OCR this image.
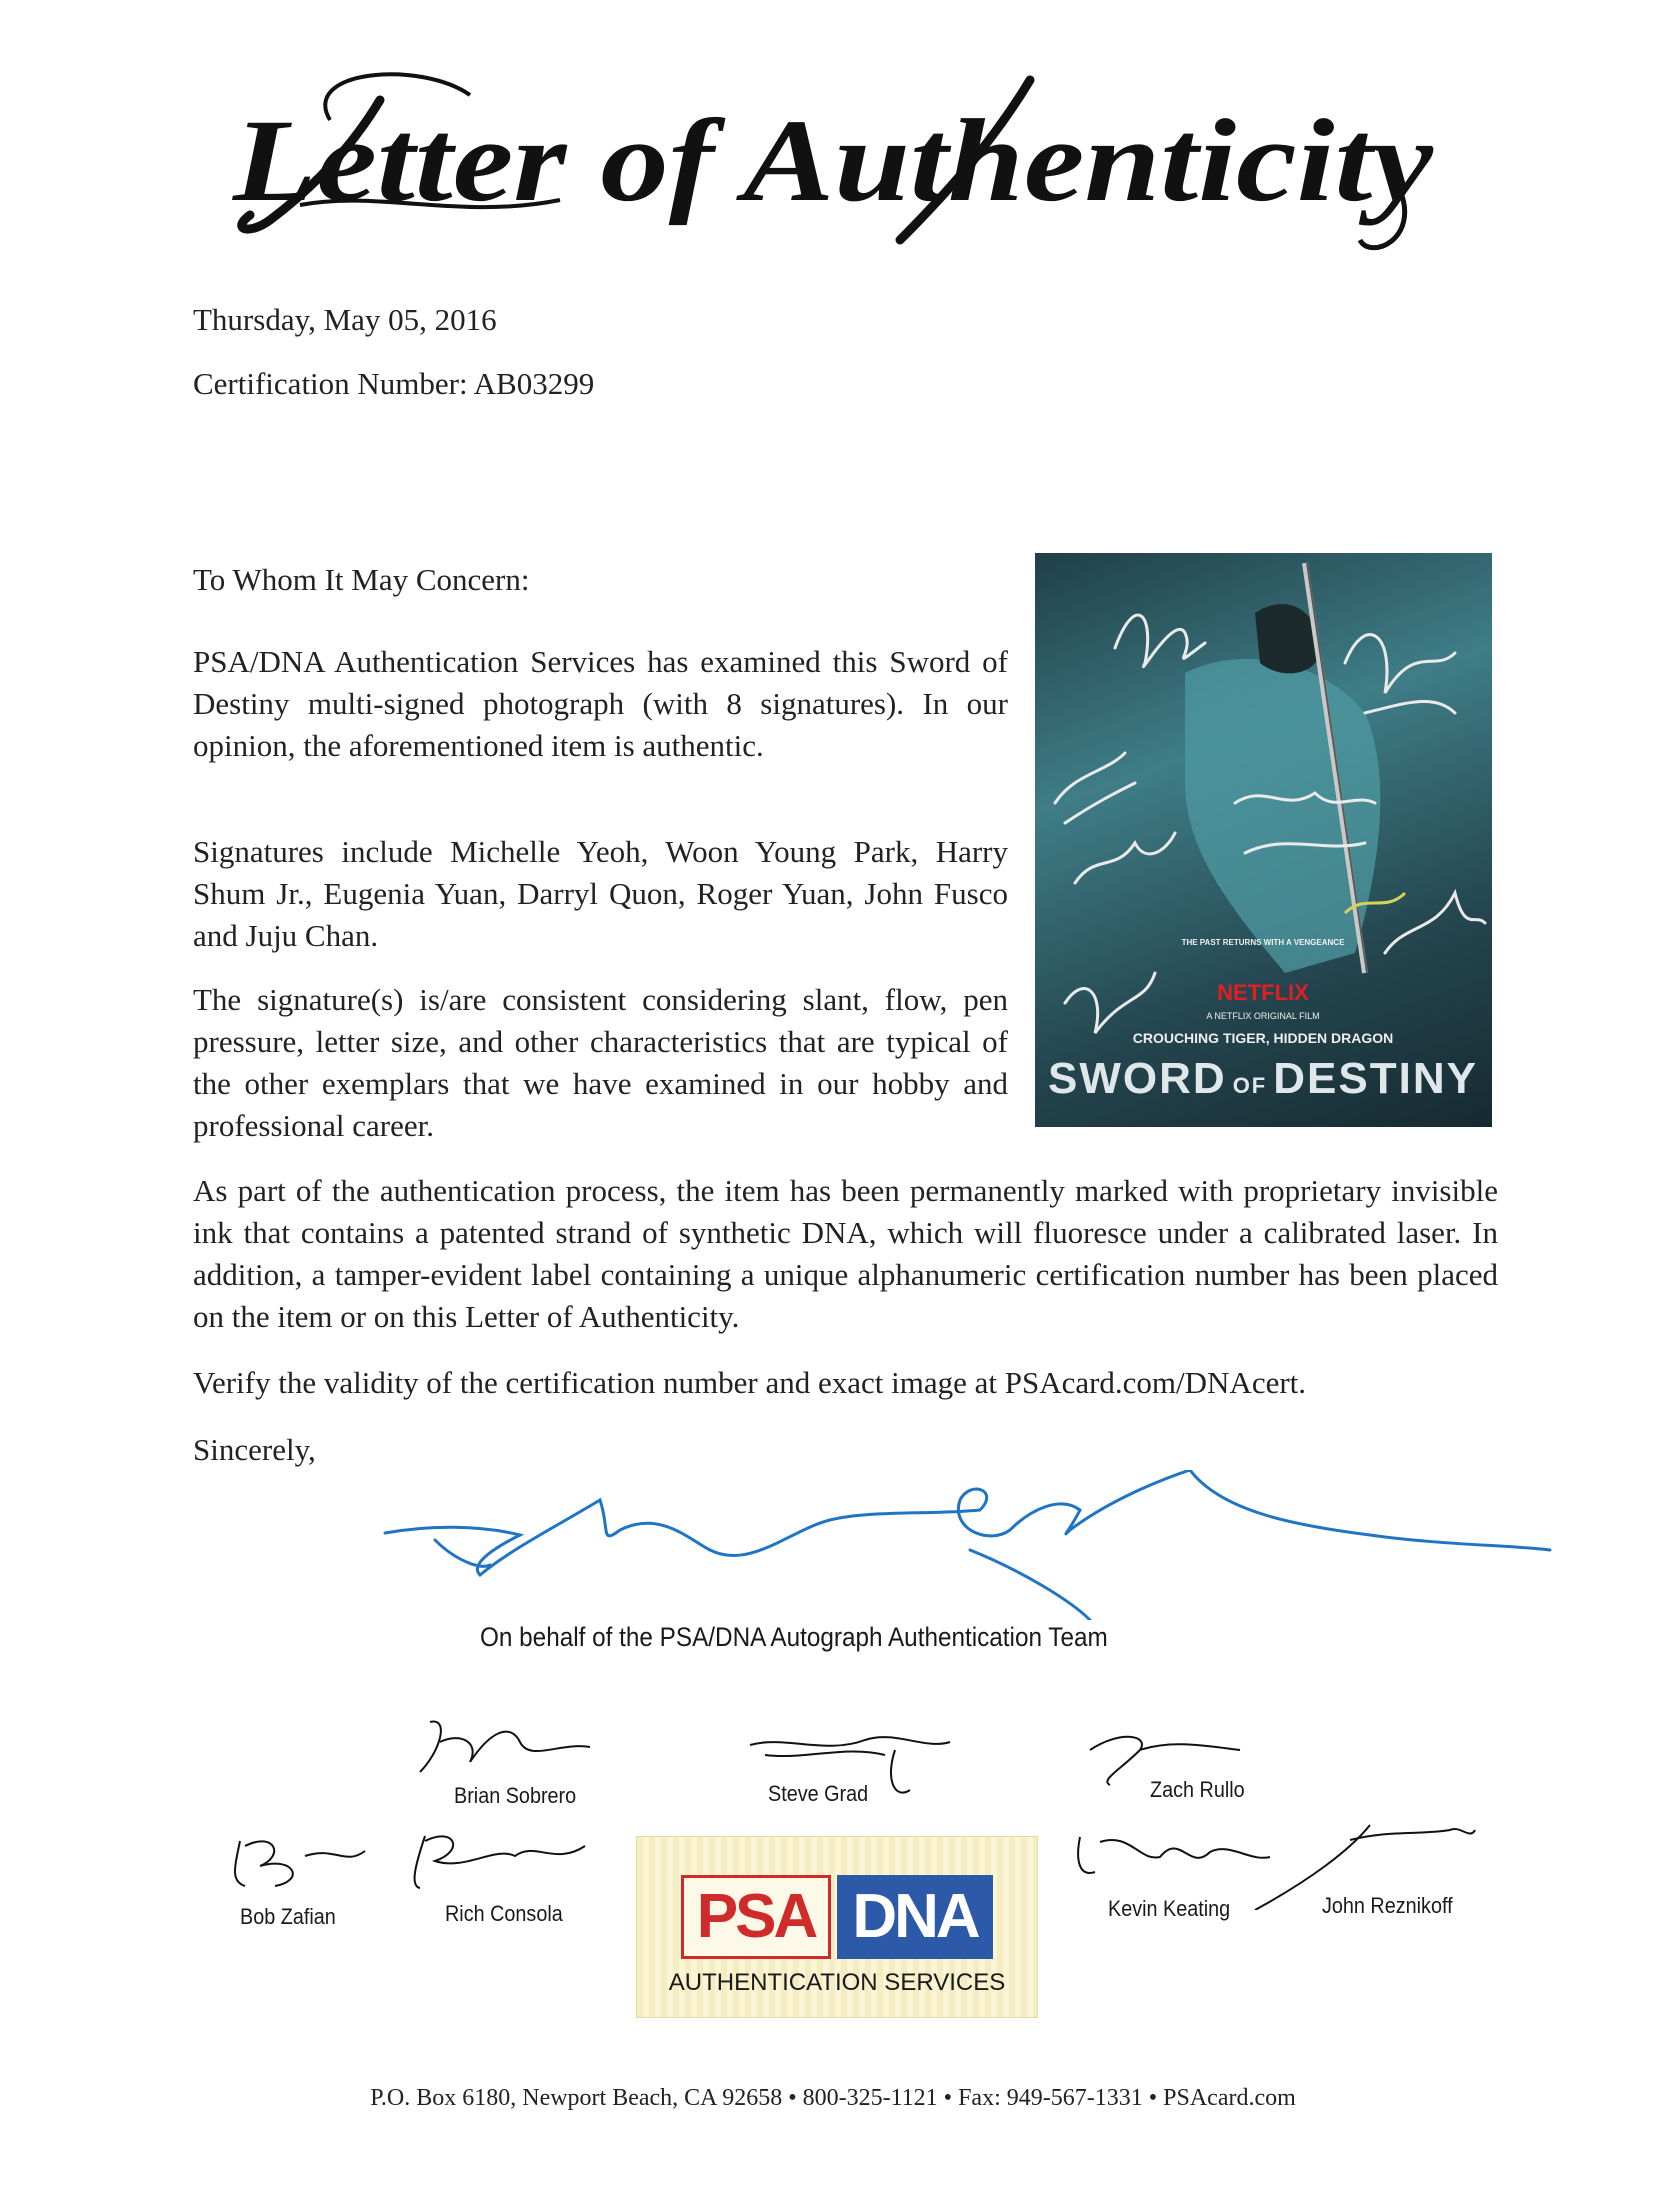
Letter of Authenticity
Thursday, May 05, 2016
Certification Number: AB03299
To Whom It May Concern:
PSA/DNA Authentication Services has examined this Sword of Destiny multi-signed photograph (with 8 signatures). In our opinion, the aforementioned item is authentic.
Signatures include Michelle Yeoh, Woon Young Park, Harry Shum Jr., Eugenia Yuan, Darryl Quon, Roger Yuan, John Fusco and Juju Chan.
The signature(s) is/are consistent considering slant, flow, pen pressure, letter size, and other characteristics that are typical of the other exemplars that we have examined in our hobby and professional career.
As part of the authentication process, the item has been permanently marked with proprietary invisible ink that contains a patented strand of synthetic DNA, which will fluoresce under a calibrated laser. In addition, a tamper-evident label containing a unique alphanumeric certification number has been placed on the item or on this Letter of Authenticity.
Verify the validity of the certification number and exact image at PSAcard.com/DNAcert.
Sincerely,
THE PAST RETURNS WITH A VENGEANCE
NETFLIX
A NETFLIX ORIGINAL FILM
CROUCHING TIGER, HIDDEN DRAGON
SWORD OF DESTINY
On behalf of the PSA/DNA Autograph Authentication Team
Brian Sobrero	Steve Grad	Zach Rullo
Bob Zafian	Rich Consola	Kevin Keating	John Reznikoff
PSA DNA
AUTHENTICATION SERVICES
P.O. Box 6180, Newport Beach, CA 92658 • 800-325-1121 • Fax: 949-567-1331 • PSAcard.com
